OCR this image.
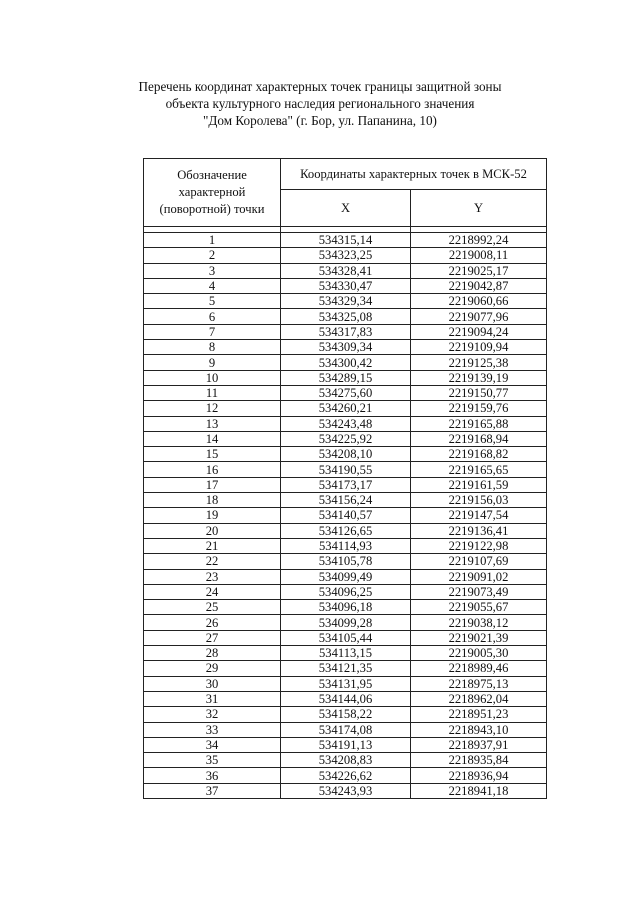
Перечень координат характерных точек границы защитной зоны
объекта культурного наследия регионального значения
"Дом Королева" (г. Бор, ул. Папанина, 10)
Обозначение характерной (поворотной) точки	Координаты характерных точек в МСК-52	
	X	Y

1	534315,14	2218992,24
2	534323,25	2219008,11
3	534328,41	2219025,17
4	534330,47	2219042,87
5	534329,34	2219060,66
6	534325,08	2219077,96
7	534317,83	2219094,24
8	534309,34	2219109,94
9	534300,42	2219125,38
10	534289,15	2219139,19
11	534275,60	2219150,77
12	534260,21	2219159,76
13	534243,48	2219165,88
14	534225,92	2219168,94
15	534208,10	2219168,82
16	534190,55	2219165,65
17	534173,17	2219161,59
18	534156,24	2219156,03
19	534140,57	2219147,54
20	534126,65	2219136,41
21	534114,93	2219122,98
22	534105,78	2219107,69
23	534099,49	2219091,02
24	534096,25	2219073,49
25	534096,18	2219055,67
26	534099,28	2219038,12
27	534105,44	2219021,39
28	534113,15	2219005,30
29	534121,35	2218989,46
30	534131,95	2218975,13
31	534144,06	2218962,04
32	534158,22	2218951,23
33	534174,08	2218943,10
34	534191,13	2218937,91
35	534208,83	2218935,84
36	534226,62	2218936,94
37	534243,93	2218941,18
